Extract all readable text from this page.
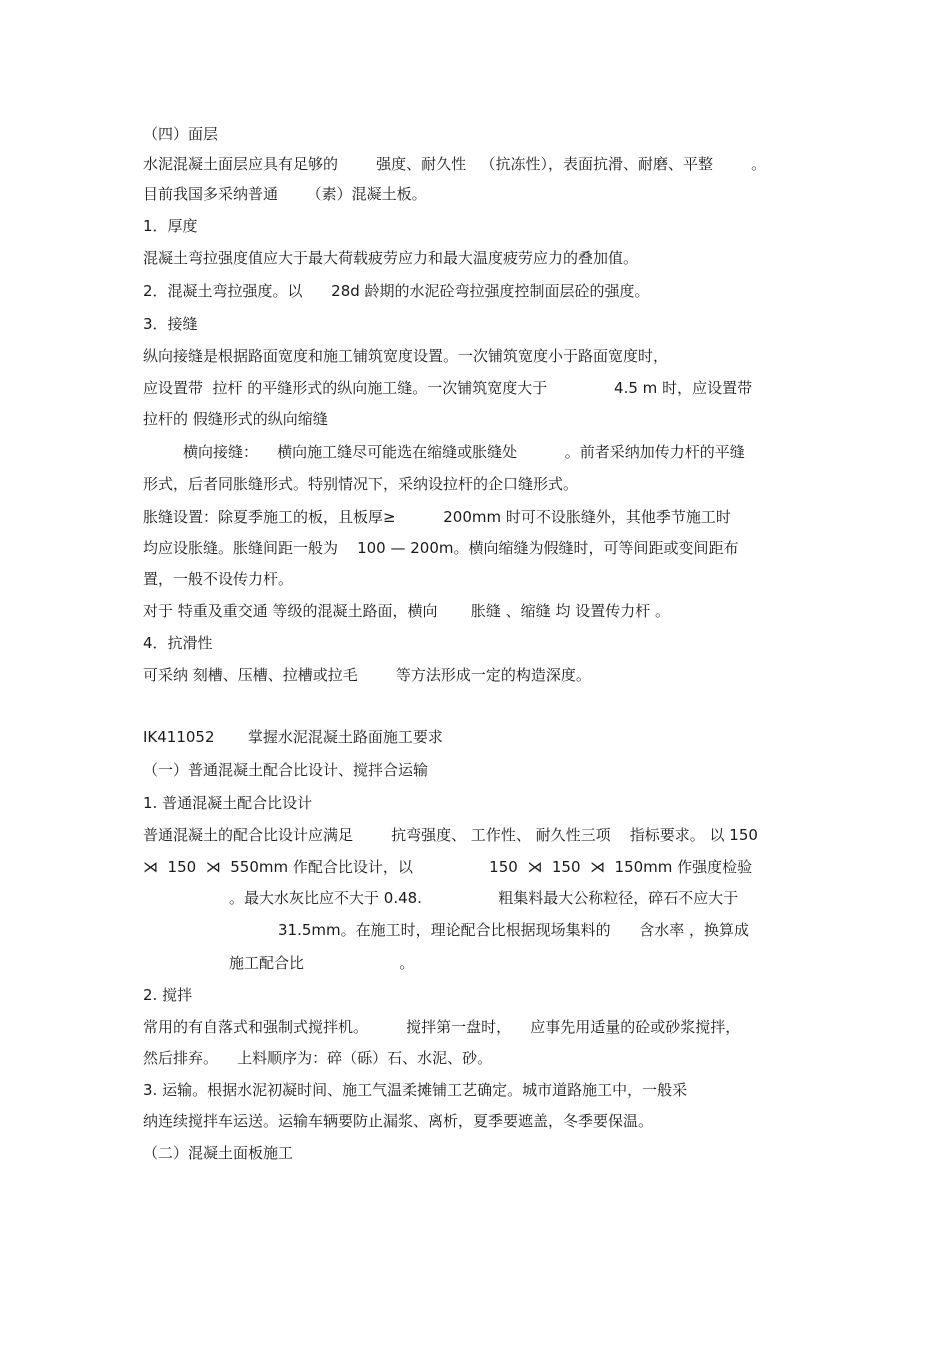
（四）面层
水泥混凝土面层应具有足够的        强度、耐久性   （抗冻性），表面抗滑、耐磨、平整        。
目前我国多采纳普通      （素）混凝土板。
1．厚度
混凝土弯拉强度值应大于最大荷载疲劳应力和最大温度疲劳应力的叠加值。
2．混凝土弯拉强度。以      28d 龄期的水泥砼弯拉强度控制面层砼的强度。
3．接缝
纵向接缝是根据路面宽度和施工铺筑宽度设置。一次铺筑宽度小于路面宽度时，
应设置带  拉杆 的平缝形式的纵向施工缝。一次铺筑宽度大于              4.5 m 时，应设置带
拉杆的 假缝形式的纵向缩缝
横向接缝：    横向施工缝尽可能选在缩缝或胀缝处          。前者采纳加传力杆的平缝
形式，后者同胀缝形式。特别情况下，采纳设拉杆的企口缝形式。
胀缝设置：除夏季施工的板，且板厚≥          200mm 时可不设胀缝外，其他季节施工时
均应设胀缝。胀缝间距一般为    100 — 200m。横向缩缝为假缝时，可等间距或变间距布
置，一般不设传力杆。
对于 特重及重交通 等级的混凝土路面，横向       胀缝 、缩缝 均 设置传力杆 。
4．抗滑性
可采纳 刻槽、压槽、拉槽或拉毛        等方法形成一定的构造深度。
IK411052       掌握水泥混凝土路面施工要求
（一）普通混凝土配合比设计、搅拌合运输
1. 普通混凝土配合比设计
普通混凝土的配合比设计应满足        抗弯强度、 工作性、 耐久性三项    指标要求。 以 150
⋊  150  ⋊  550mm 作配合比设计，以                150  ⋊  150  ⋊  150mm 作强度检验
。最大水灰比应不大于 0.48.                粗集料最大公称粒径，碎石不应大于
31.5mm。在施工时，理论配合比根据现场集料的      含水率 ，换算成
施工配合比                    。
2. 搅拌
常用的有自落式和强制式搅拌机。        搅拌第一盘时，    应事先用适量的砼或砂浆搅拌，
然后排弃。    上料顺序为：碎（砾）石、水泥、砂。
3. 运输。根据水泥初凝时间、施工气温柔摊铺工艺确定。城市道路施工中，一般采
纳连续搅拌车运送。运输车辆要防止漏浆、离析，夏季要遮盖，冬季要保温。
（二）混凝土面板施工
